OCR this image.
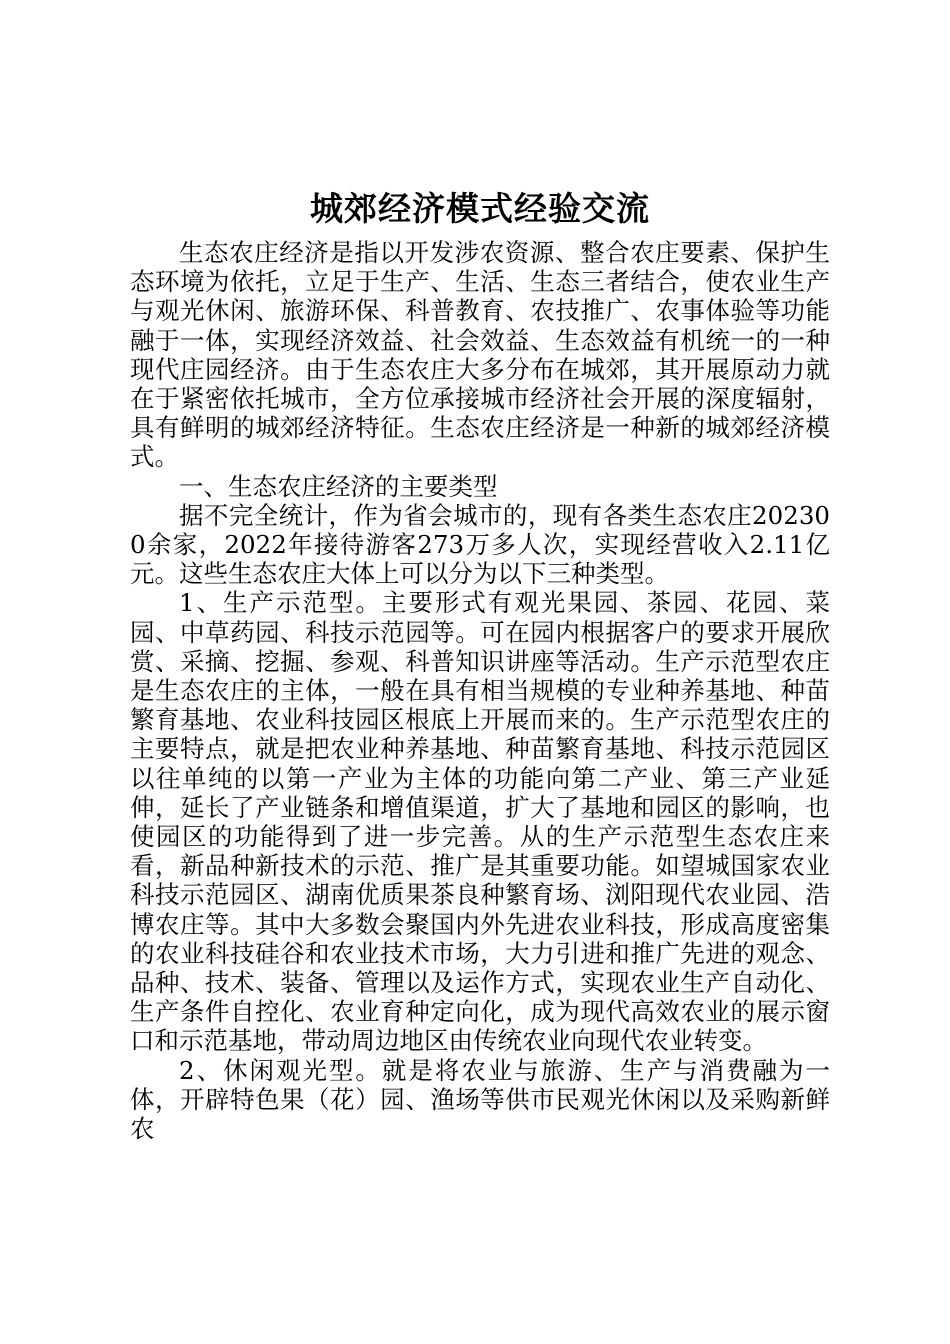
城郊经济模式经验交流

生态农庄经济是指以开发涉农资源、整合农庄要素、保护生态环境为依托，立足于生产、生活、生态三者结合，使农业生产与观光休闲、旅游环保、科普教育、农技推广、农事体验等功能融于一体，实现经济效益、社会效益、生态效益有机统一的一种现代庄园经济。由于生态农庄大多分布在城郊，其开展原动力就在于紧密依托城市，全方位承接城市经济社会开展的深度辐射，具有鲜明的城郊经济特征。生态农庄经济是一种新的城郊经济模式。

一、生态农庄经济的主要类型

据不完全统计，作为省会城市的，现有各类生态农庄202300余家，2022年接待游客273万多人次，实现经营收入2.11亿元。这些生态农庄大体上可以分为以下三种类型。

1、生产示范型。主要形式有观光果园、茶园、花园、菜园、中草药园、科技示范园等。可在园内根据客户的要求开展欣赏、采摘、挖掘、参观、科普知识讲座等活动。生产示范型农庄是生态农庄的主体，一般在具有相当规模的专业种养基地、种苗繁育基地、农业科技园区根底上开展而来的。生产示范型农庄的主要特点，就是把农业种养基地、种苗繁育基地、科技示范园区以往单纯的以第一产业为主体的功能向第二产业、第三产业延伸，延长了产业链条和增值渠道，扩大了基地和园区的影响，也使园区的功能得到了进一步完善。从的生产示范型生态农庄来看，新品种新技术的示范、推广是其重要功能。如望城国家农业科技示范园区、湖南优质果茶良种繁育场、浏阳现代农业园、浩博农庄等。其中大多数会聚国内外先进农业科技，形成高度密集的农业科技硅谷和农业技术市场，大力引进和推广先进的观念、品种、技术、装备、管理以及运作方式，实现农业生产自动化、生产条件自控化、农业育种定向化，成为现代高效农业的展示窗口和示范基地，带动周边地区由传统农业向现代农业转变。

2、休闲观光型。就是将农业与旅游、生产与消费融为一体，开辟特色果（花）园、渔场等供市民观光休闲以及采购新鲜农
